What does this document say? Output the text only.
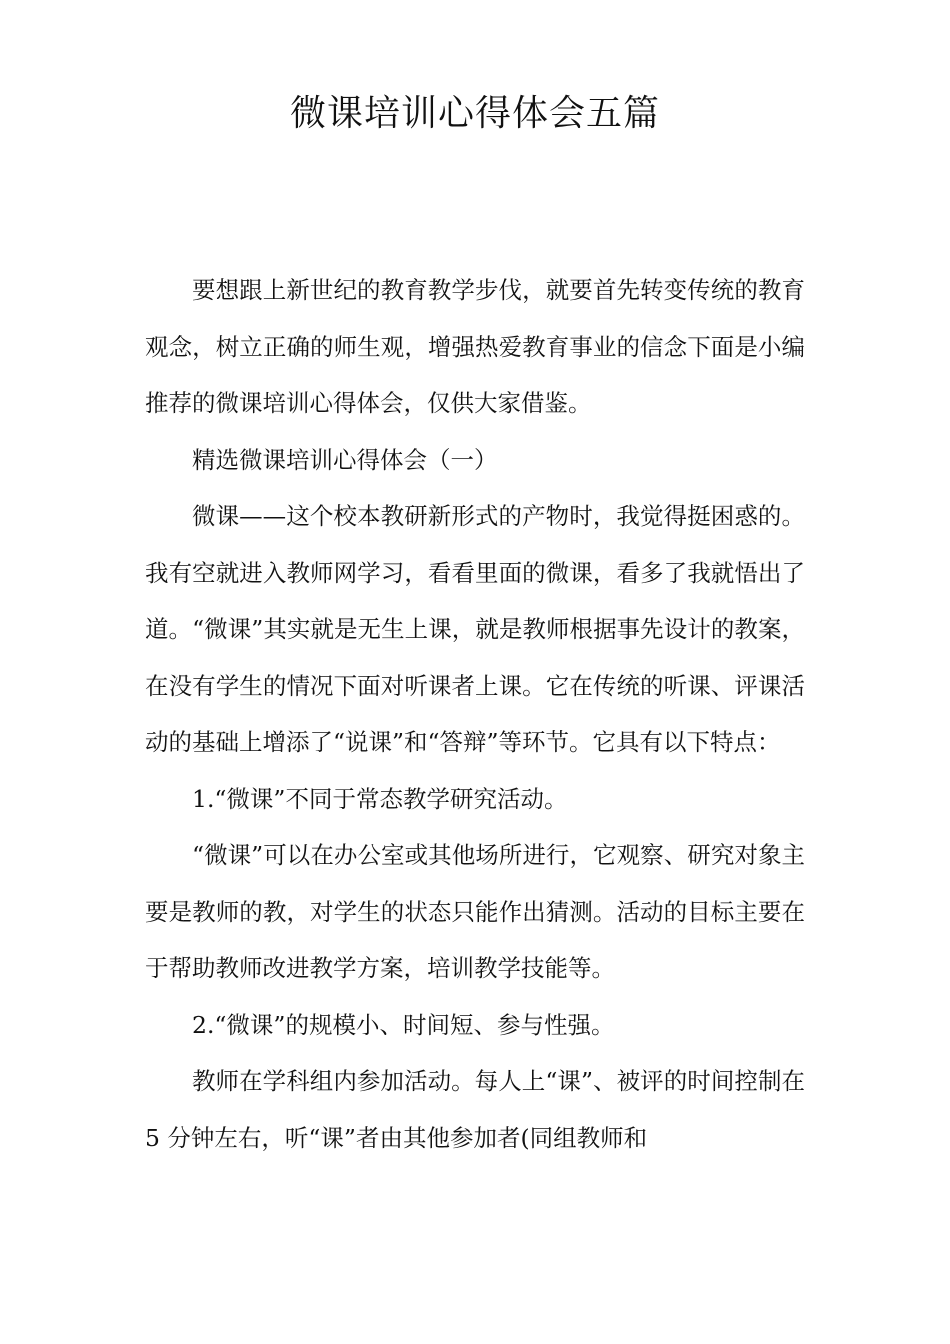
微课培训心得体会五篇

要想跟上新世纪的教育教学步伐，就要首先转变传统的教育观念，树立正确的师生观，增强热爱教育事业的信念下面是小编推荐的微课培训心得体会，仅供大家借鉴。

精选微课培训心得体会（一）

微课——这个校本教研新形式的产物时，我觉得挺困惑的。我有空就进入教师网学习，看看里面的微课，看多了我就悟出了道。“微课”其实就是无生上课，就是教师根据事先设计的教案，在没有学生的情况下面对听课者上课。它在传统的听课、评课活动的基础上增添了“说课”和“答辩”等环节。它具有以下特点：

1.“微课”不同于常态教学研究活动。

“微课”可以在办公室或其他场所进行，它观察、研究对象主要是教师的教，对学生的状态只能作出猜测。活动的目标主要在于帮助教师改进教学方案，培训教学技能等。

2.“微课”的规模小、时间短、参与性强。

教师在学科组内参加活动。每人上“课”、被评的时间控制在 5 分钟左右，听“课”者由其他参加者(同组教师和
